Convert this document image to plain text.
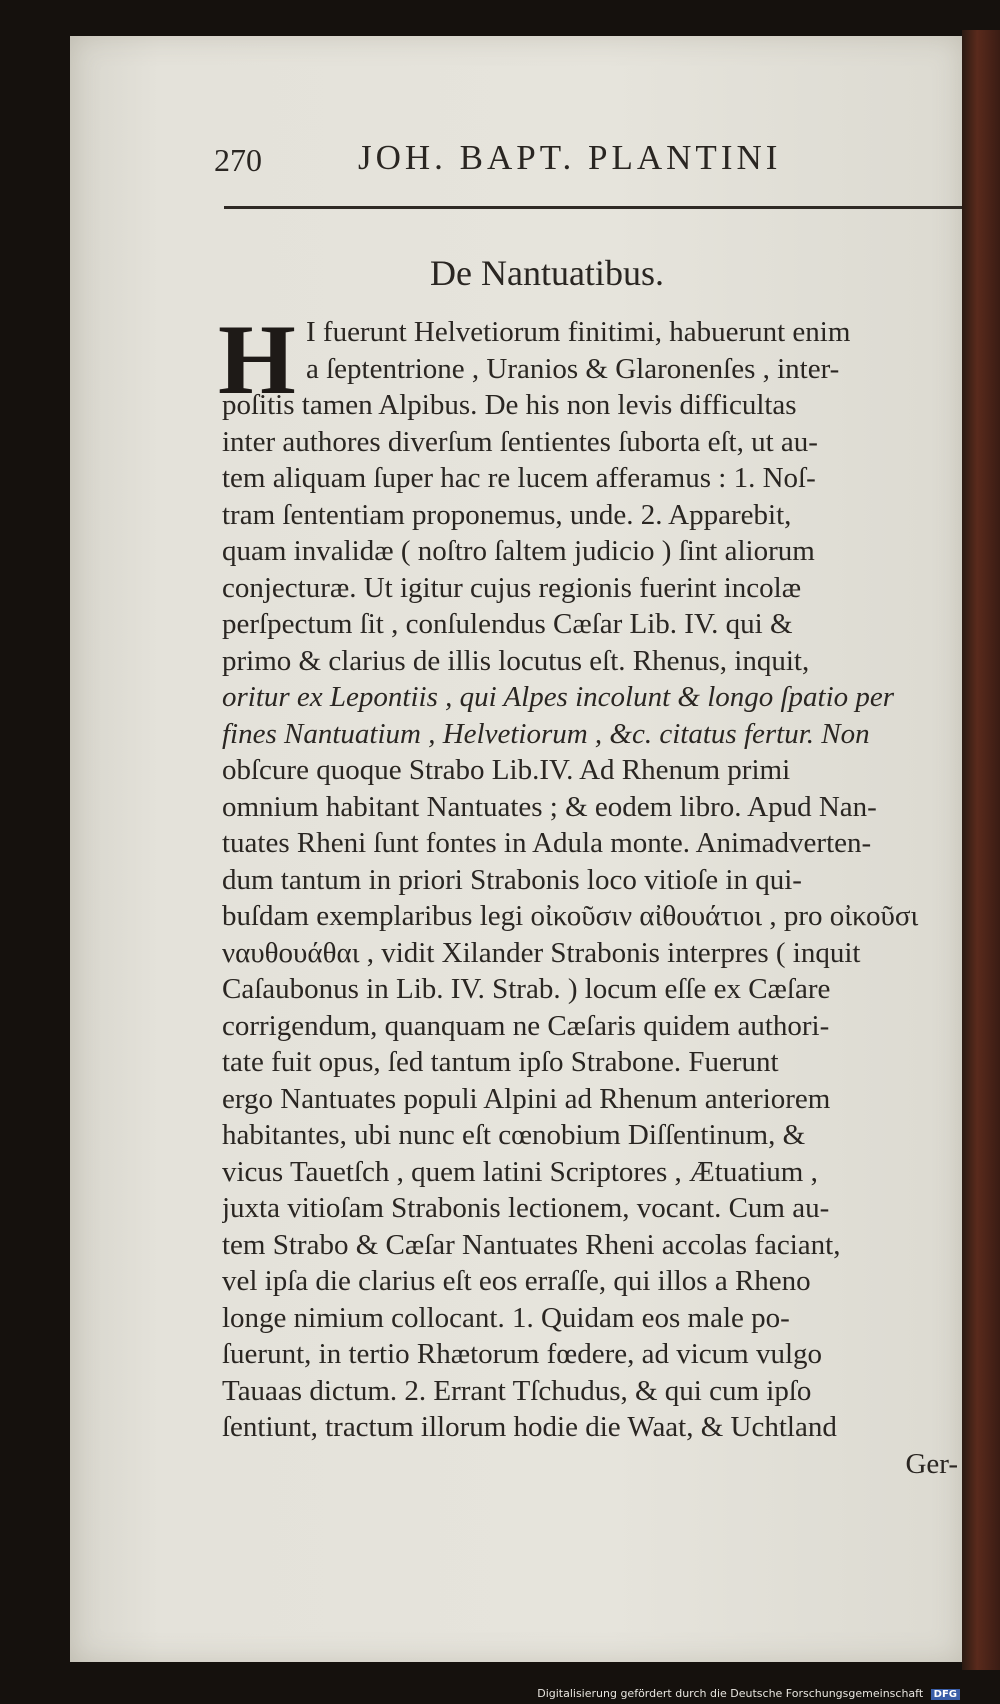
270	JOH. BAPT. PLANTINI
De Nantuatibus.
H I fuerunt Helvetiorum finitimi, habuerunt enim
a ſeptentrione , Uranios & Glaronenſes , inter-
poſitis tamen Alpibus. De his non levis difficultas
inter authores diverſum ſentientes ſuborta eſt, ut au-
tem aliquam ſuper hac re lucem afferamus : 1. Noſ-
tram ſententiam proponemus, unde. 2. Apparebit,
quam invalidæ ( noſtro ſaltem judicio ) ſint aliorum
conjecturæ. Ut igitur cujus regionis fuerint incolæ
perſpectum ſit , conſulendus Cæſar Lib. IV. qui &
primo & clarius de illis locutus eſt. Rhenus, inquit,
oritur ex Lepontiis , qui Alpes incolunt & longo ſpatio per
fines Nantuatium , Helvetiorum , &c. citatus fertur. Non
obſcure quoque Strabo Lib.IV. Ad Rhenum primi
omnium habitant Nantuates ; & eodem libro. Apud Nan-
tuates Rheni ſunt fontes in Adula monte. Animadverten-
dum tantum in priori Strabonis loco vitioſe in qui-
buſdam exemplaribus legi οἰκοῦσιν αἰθουάτιοι , pro οἰκοῦσι
ναυθουάθαι , vidit Xilander Strabonis interpres ( inquit
Caſaubonus in Lib. IV. Strab. ) locum eſſe ex Cæſare
corrigendum, quanquam ne Cæſaris quidem authori-
tate fuit opus, ſed tantum ipſo Strabone. Fuerunt
ergo Nantuates populi Alpini ad Rhenum anteriorem
habitantes, ubi nunc eſt cœnobium Diſſentinum, &
vicus Tauetſch , quem latini Scriptores , Ætuatium ,
juxta vitioſam Strabonis lectionem, vocant. Cum au-
tem Strabo & Cæſar Nantuates Rheni accolas faciant,
vel ipſa die clarius eſt eos erraſſe, qui illos a Rheno
longe nimium collocant. 1. Quidam eos male po-
ſuerunt, in tertio Rhætorum fœdere, ad vicum vulgo
Tauaas dictum. 2. Errant Tſchudus, & qui cum ipſo
ſentiunt, tractum illorum hodie die Waat, & Uchtland
Ger-
Digitalisierung gefördert durch die Deutsche Forschungsgemeinschaft DFG
